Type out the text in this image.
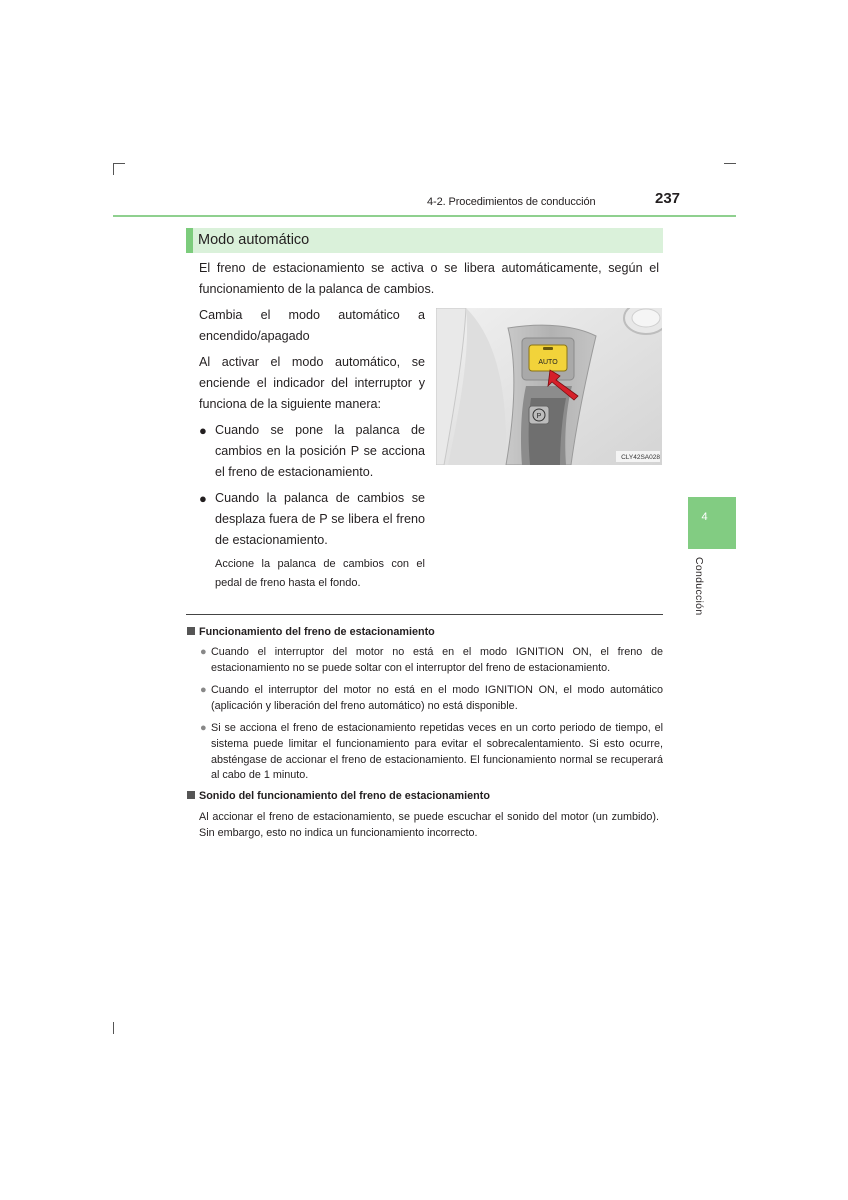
4-2. Procedimientos de conducción	237
Modo automático
El freno de estacionamiento se activa o se libera automáticamente, según el funcionamiento de la palanca de cambios.
Cambia el modo automático a encendido/apagado
Al activar el modo automático, se enciende el indicador del interruptor y funciona de la siguiente manera:
● Cuando se pone la palanca de cambios en la posición P se acciona el freno de estacionamiento.
● Cuando la palanca de cambios se desplaza fuera de P se libera el freno de estacionamiento.
Accione la palanca de cambios con el pedal de freno hasta el fondo.
AUTO
P
CLY42SA028
4
Conducción
Funcionamiento del freno de estacionamiento
● Cuando el interruptor del motor no está en el modo IGNITION ON, el freno de estacionamiento no se puede soltar con el interruptor del freno de estacionamiento.
● Cuando el interruptor del motor no está en el modo IGNITION ON, el modo automático (aplicación y liberación del freno automático) no está disponible.
● Si se acciona el freno de estacionamiento repetidas veces en un corto periodo de tiempo, el sistema puede limitar el funcionamiento para evitar el sobrecalentamiento. Si esto ocurre, absténgase de accionar el freno de estacionamiento. El funcionamiento normal se recuperará al cabo de 1 minuto.
Sonido del funcionamiento del freno de estacionamiento
Al accionar el freno de estacionamiento, se puede escuchar el sonido del motor (un zumbido). Sin embargo, esto no indica un funcionamiento incorrecto.
